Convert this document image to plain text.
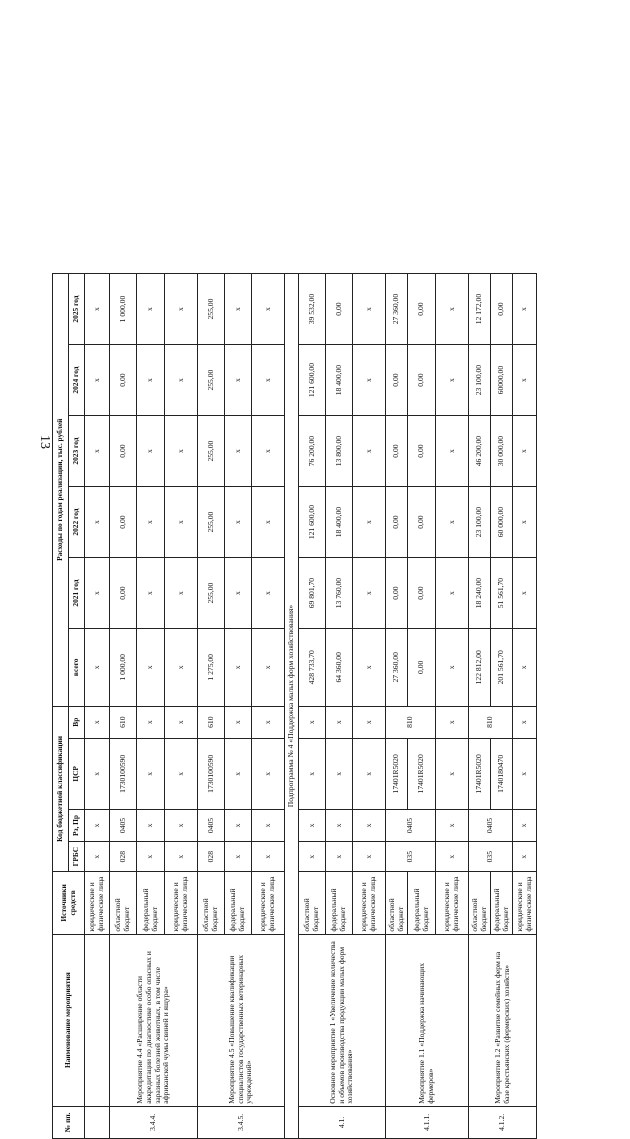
13
№ пп.	Наименование мероприятия	Источники средств	Код бюджетной классификации				Расходы по годам реализации, тыс. рублей					
			ГРБС	Рз, Пр	ЦСР	Вр	всего	2021 год	2022 год	2023 год	2024 год	2025 год
		юридические и физические лица	х	х	х	х	х	х	х	х	х	х
3.4.4.	Мероприятие 4.4 «Расширение области аккредитации по диагностике особо опасных и заразных болезней животных, в том числе африканской чумы свиней и ящура»	областной бюджет	028	0405	1730100590	610	1 000,00	0,00	0,00	0,00	0,00	1 000,00
		федеральный бюджет	х	х	х	х	х	х	х	х	х	х
		юридические и физические лица	х	х	х	х	х	х	х	х	х	х
3.4.5.	Мероприятие 4.5 «Повышение квалификации специалистов государственных ветеринарных учреждений»	областной бюджет	028	0405	1730100590	610	1 275,00	255,00	255,00	255,00	255,00	255,00
		федеральный бюджет	х	х	х	х	х	х	х	х	х	х
		юридические и физические лица	х	х	х	х	х	х	х	х	х	х
Подпрограмма № 4 «Поддержка малых форм хозяйствования»												
4.1.	Основное мероприятие 1 «Увеличение количества и объемов производства продукции малых форм хозяйствования»	областной бюджет	х	х	х	х	428 733,70	69 801,70	121 600,00	76 200,00	121 600,00	39 532,00
		федеральный бюджет	х	х	х	х	64 360,00	13 760,00	18 400,00	13 800,00	18 400,00	0,00
		юридические и физические лица	х	х	х	х	х	х	х	х	х	х
4.1.1.	Мероприятие 1.1 «Поддержка начинающих фермеров»	областной бюджет	035	0405	17401R5020	810	27 360,00	0,00	0,00	0,00	0,00	27 360,00
		федеральный бюджет			17401R5020		0,00	0,00	0,00	0,00	0,00	0,00
		юридические и физические лица	х	х	х	х	х	х	х	х	х	х
4.1.2.	Мероприятие 1.2 «Развитие семейных ферм на базе крестьянских (фермерских) хозяйств»	областной бюджет	035	0405	17401R5020	810	122 812,00	18 240,00	23 100,00	46 200,00	23 100,00	12 172,00
		федеральный бюджет			1740180470		201 561,70	51 561,70	60 000,00	30 000,00	60000,00	0,00
		юридические и физические лица	х	х	х	х	х	х	х	х	х	х
